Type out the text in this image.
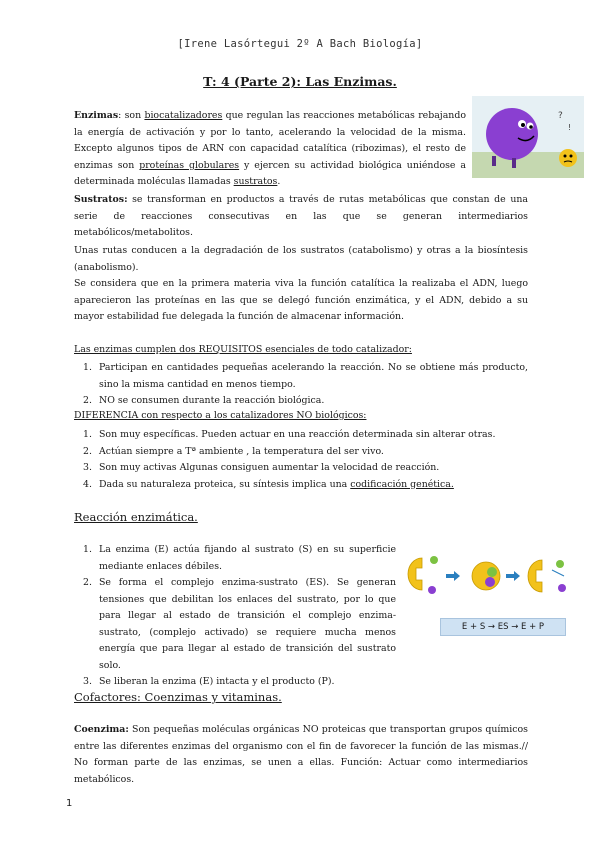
[Irene Lasórtegui 2º A Bach Biología]
T: 4 (Parte 2): Las Enzimas.
Enzimas: son biocatalizadores que regulan las reacciones metabólicas rebajando la energía de activación y por lo tanto, acelerando la velocidad de la misma. Excepto algunos tipos de ARN con capacidad catalítica (ribozimas), el resto de enzimas son proteínas globulares y ejercen su actividad biológica uniéndose a determinada moléculas llamadas sustratos.
?
!
Sustratos: se transforman en productos a través de rutas metabólicas que constan de una serie de reacciones consecutivas en las que se generan intermediarios metabólicos/metabolitos.
Unas rutas conducen a la degradación de los sustratos (catabolismo) y otras a la biosíntesis (anabolismo).
Se considera que en la primera materia viva la función catalítica la realizaba el ADN, luego aparecieron las proteínas en las que se delegó función enzimática, y el ADN, debido a su mayor estabilidad fue delegada la función de almacenar información.
Las enzimas cumplen dos REQUISITOS esenciales de todo catalizador:
1. Participan en cantidades pequeñas acelerando la reacción. No se obtiene más producto, sino la misma cantidad en menos tiempo.
2. NO se consumen durante la reacción biológica.
DIFERENCIA con respecto a los catalizadores NO biológicos:
1. Son muy específicas. Pueden actuar en una reacción determinada sin alterar otras.
2. Actúan siempre a Tª ambiente , la temperatura del ser vivo.
3. Son muy activas Algunas consiguen aumentar la velocidad de reacción.
4. Dada su naturaleza proteica, su síntesis implica una codificación genética.
Reacción enzimática.
1. La enzima (E) actúa fijando al sustrato (S) en su superficie mediante enlaces débiles.
2. Se forma el complejo enzima-sustrato (ES). Se generan tensiones que debilitan los enlaces del sustrato, por lo que para llegar al estado de transición el complejo enzima-sustrato, (complejo activado) se requiere mucha menos energía que para llegar al estado de transición del sustrato solo.
3. Se liberan la enzima (E) intacta y el producto (P).
E + S → ES → E + P
Cofactores: Coenzimas y vitaminas.
Coenzima: Son pequeñas moléculas orgánicas NO proteicas que transportan grupos químicos entre las diferentes enzimas del organismo con el fin de favorecer la función de las mismas.// No forman parte de las enzimas, se unen a ellas. Función: Actuar como intermediarios metabólicos.
1
